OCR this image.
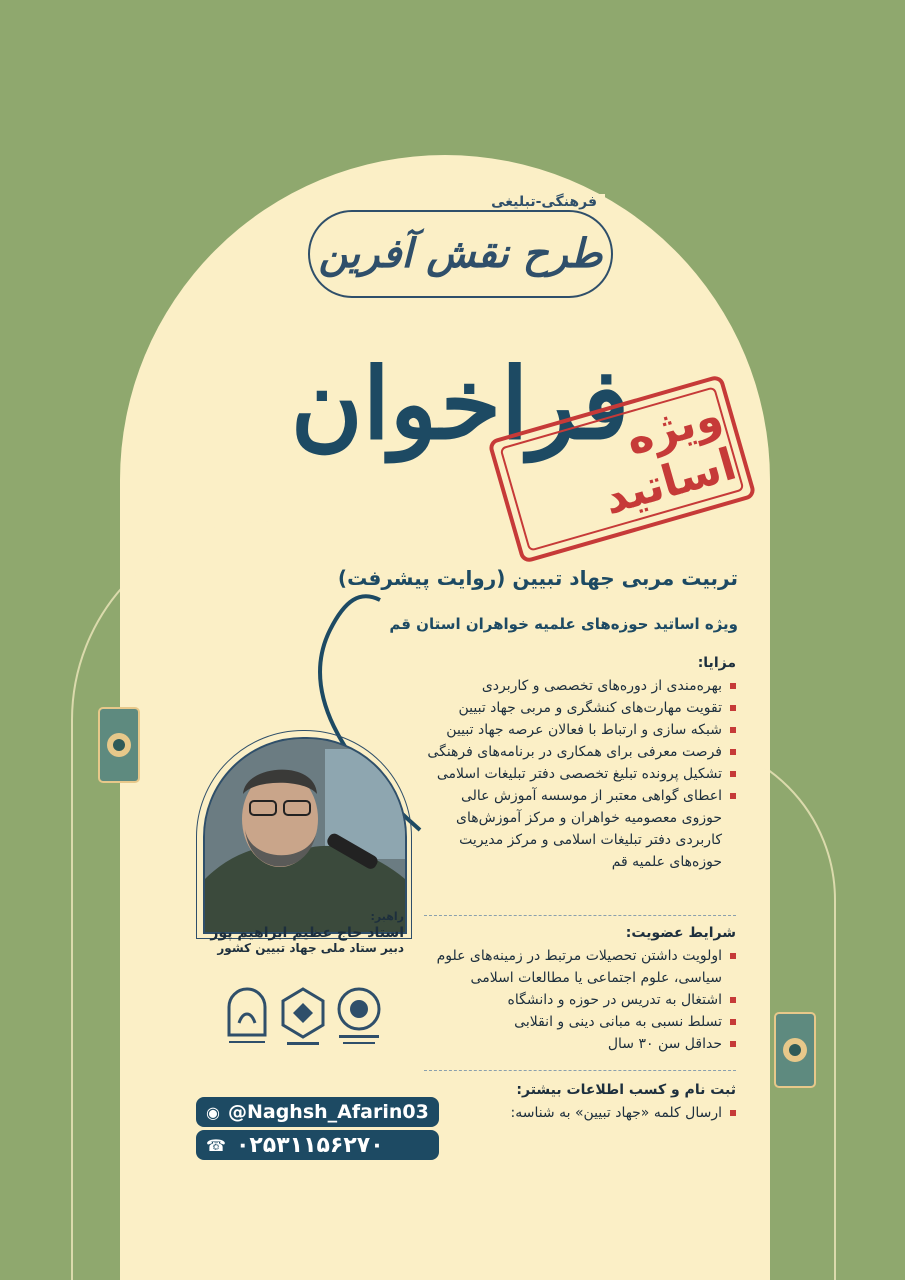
فرهنگی-تبلیغی
طرح نقش آفرین
فراخوان
ویژه اساتید
تربیت مربی جهاد تبیین (روایت پیشرفت)
ویژه اساتید حوزه‌های علمیه خواهران استان قم
مزایا:
بهره‌مندی از دوره‌های تخصصی و کاربردی
تقویت مهارت‌های کنشگری و مربی جهاد تبیین
شبکه سازی و ارتباط با فعالان عرصه جهاد تبیین
فرصت معرفی برای همکاری در برنامه‌های فرهنگی
تشکیل پرونده تبلیغ تخصصی دفتر تبلیغات اسلامی
اعطای گواهی معتبر از موسسه آموزش عالی حوزوی معصومیه خواهران و مرکز آموزش‌های کاربردی دفتر تبلیغات اسلامی و مرکز مدیریت حوزه‌های علمیه قم
شرایط عضویت:
اولویت داشتن تحصیلات مرتبط در زمینه‌های علوم سیاسی، علوم اجتماعی یا مطالعات اسلامی
اشتغال به تدریس در حوزه و دانشگاه
تسلط نسبی به مبانی دینی و انقلابی
حداقل سن ۳۰ سال
ثبت نام و کسب اطلاعات بیشتر:
ارسال کلمه «جهاد تبیین» به شناسه:
راهبر:
استاد حاج عظیم ابراهیم پور
دبیر ستاد ملی جهاد تبیین کشور
◉ @Naghsh_Afarin03
☎ ۰۲۵۳۱۱۵۶۲۷۰
